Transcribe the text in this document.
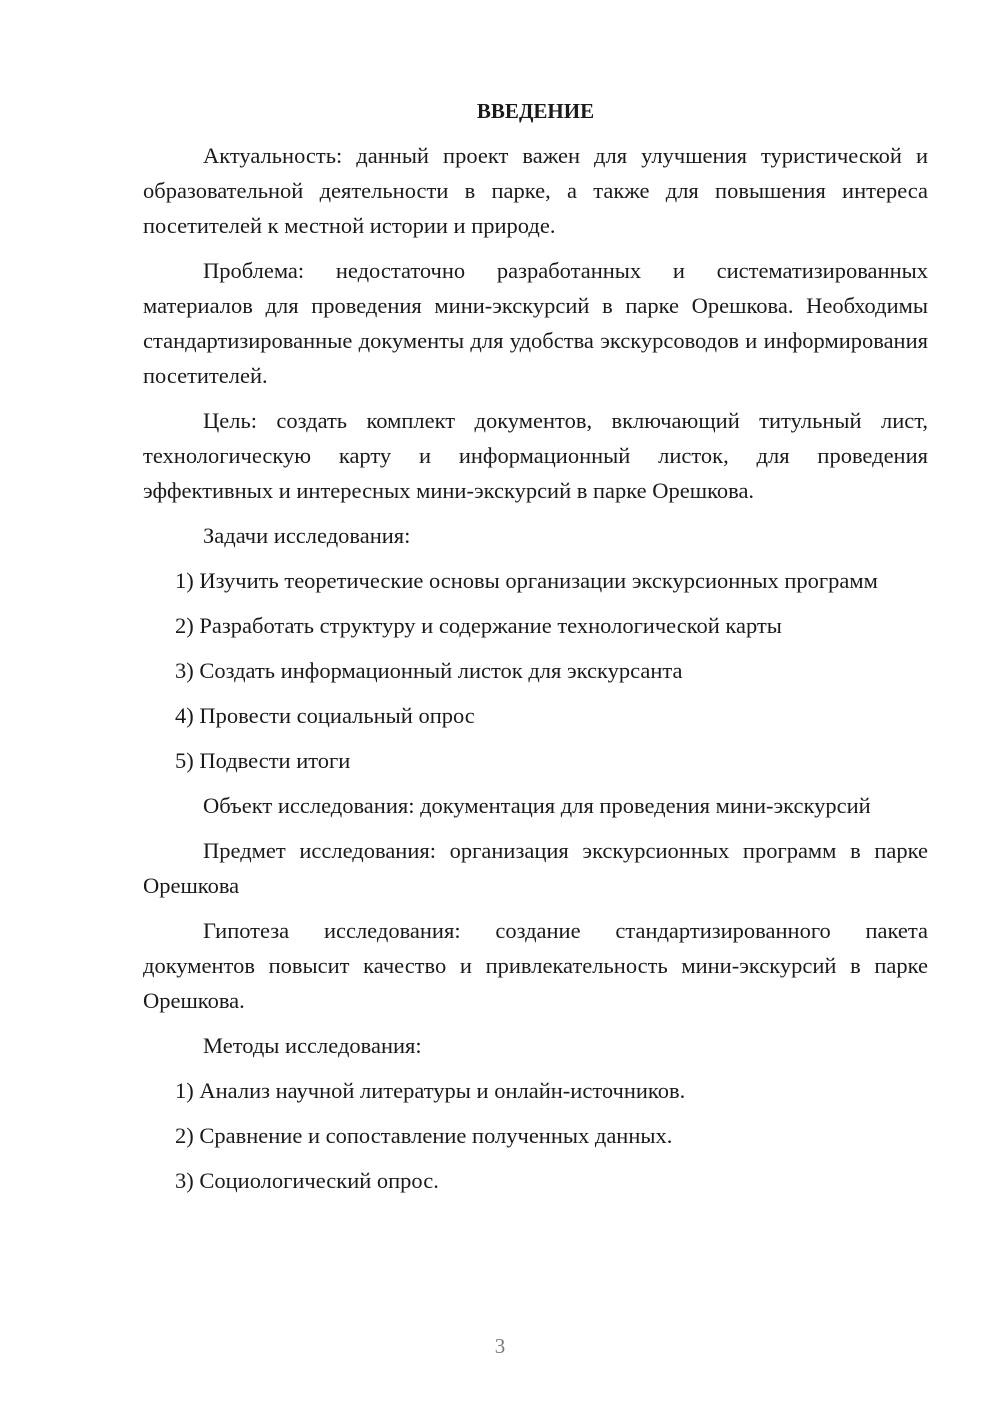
ВВЕДЕНИЕ

Актуальность: данный проект важен для улучшения туристической и образовательной деятельности в парке, а также для повышения интереса посетителей к местной истории и природе.

Проблема: недостаточно разработанных и систематизированных материалов для проведения мини-экскурсий в парке Орешкова. Необходимы стандартизированные документы для удобства экскурсоводов и информирования посетителей.

Цель: создать комплект документов, включающий титульный лист, технологическую карту и информационный листок, для проведения эффективных и интересных мини-экскурсий в парке Орешкова.

Задачи исследования:

1) Изучить теоретические основы организации экскурсионных программ

2) Разработать структуру и содержание технологической карты

3) Создать информационный листок для экскурсанта

4) Провести социальный опрос

5) Подвести итоги

Объект исследования: документация для проведения мини-экскурсий

Предмет исследования: организация экскурсионных программ в парке Орешкова

Гипотеза исследования: создание стандартизированного пакета документов повысит качество и привлекательность мини-экскурсий в парке Орешкова.

Методы исследования:

1) Анализ научной литературы и онлайн-источников.

2) Сравнение и сопоставление полученных данных.

3) Социологический опрос.

3
